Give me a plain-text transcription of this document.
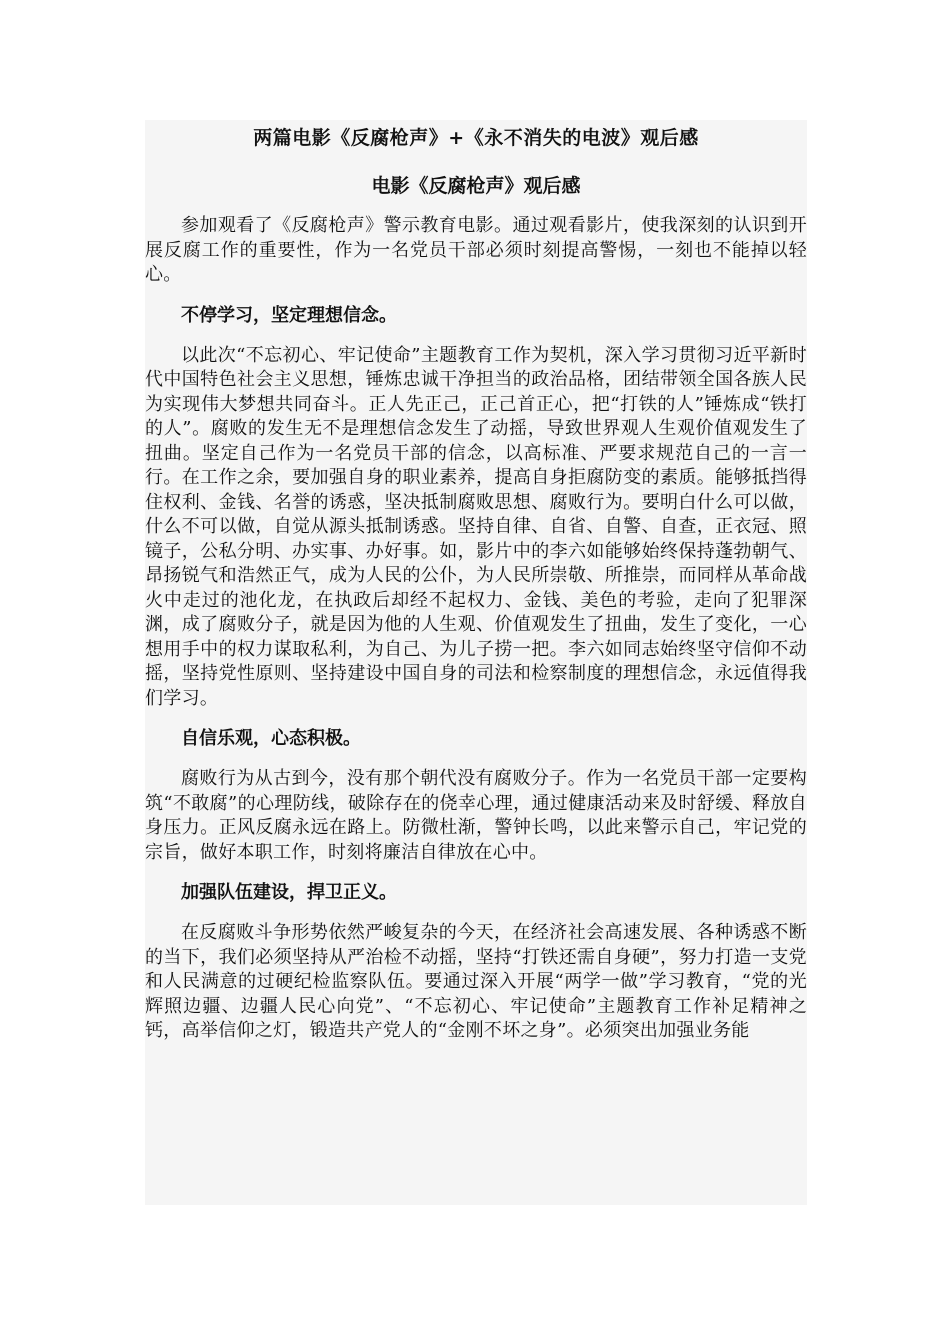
两篇电影《反腐枪声》+《永不消失的电波》观后感
电影《反腐枪声》观后感

参加观看了《反腐枪声》警示教育电影。通过观看影片，使我深刻的认识到开展反腐工作的重要性，作为一名党员干部必须时刻提高警惕，一刻也不能掉以轻心。

不停学习，坚定理想信念。

以此次“不忘初心、牢记使命”主题教育工作为契机，深入学习贯彻习近平新时代中国特色社会主义思想，锤炼忠诚干净担当的政治品格，团结带领全国各族人民为实现伟大梦想共同奋斗。正人先正己，正己首正心，把“打铁的人”锤炼成“铁打的人”。腐败的发生无不是理想信念发生了动摇，导致世界观人生观价值观发生了扭曲。坚定自己作为一名党员干部的信念，以高标准、严要求规范自己的一言一行。在工作之余，要加强自身的职业素养，提高自身拒腐防变的素质。能够抵挡得住权利、金钱、名誉的诱惑，坚决抵制腐败思想、腐败行为。要明白什么可以做，什么不可以做，自觉从源头抵制诱惑。坚持自律、自省、自警、自查，正衣冠、照镜子，公私分明、办实事、办好事。如，影片中的李六如能够始终保持蓬勃朝气、昂扬锐气和浩然正气，成为人民的公仆，为人民所崇敬、所推崇，而同样从革命战火中走过的池化龙，在执政后却经不起权力、金钱、美色的考验，走向了犯罪深渊，成了腐败分子，就是因为他的人生观、价值观发生了扭曲，发生了变化，一心想用手中的权力谋取私利，为自己、为儿子捞一把。李六如同志始终坚守信仰不动摇，坚持党性原则、坚持建设中国自身的司法和检察制度的理想信念，永远值得我们学习。

自信乐观，心态积极。

腐败行为从古到今，没有那个朝代没有腐败分子。作为一名党员干部一定要构筑“不敢腐”的心理防线，破除存在的侥幸心理，通过健康活动来及时舒缓、释放自身压力。正风反腐永远在路上。防微杜渐，警钟长鸣，以此来警示自己，牢记党的宗旨，做好本职工作，时刻将廉洁自律放在心中。

加强队伍建设，捍卫正义。

在反腐败斗争形势依然严峻复杂的今天，在经济社会高速发展、各种诱惑不断的当下，我们必须坚持从严治检不动摇，坚持“打铁还需自身硬”，努力打造一支党和人民满意的过硬纪检监察队伍。要通过深入开展“两学一做”学习教育，“党的光辉照边疆、边疆人民心向党”、“不忘初心、牢记使命”主题教育工作补足精神之钙，高举信仰之灯，锻造共产党人的“金刚不坏之身”。必须突出加强业务能
